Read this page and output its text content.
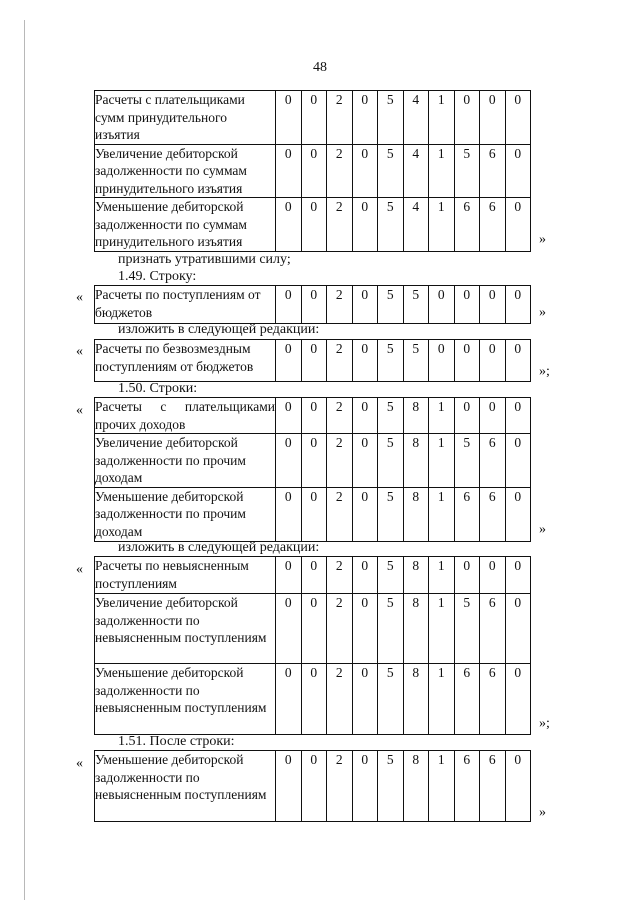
48
Расчеты с плательщиками сумм принудительного изъятия	0	0	2	0	5	4	1	0	0	0
Увеличение дебиторской задолженности по суммам принудительного изъятия	0	0	2	0	5	4	1	5	6	0
Уменьшение дебиторской задолженности по суммам принудительного изъятия	0	0	2	0	5	4	1	6	6	0
»
признать утратившими силу;
1.49. Строку:
« Расчеты по поступлениям от бюджетов	0	0	2	0	5	5	0	0	0	0
»
изложить в следующей редакции:
« Расчеты по безвозмездным поступлениям от бюджетов	0	0	2	0	5	5	0	0	0	0
»;
1.50. Строки:
« Расчеты с плательщиками прочих доходов	0	0	2	0	5	8	1	0	0	0
Увеличение дебиторской задолженности по прочим доходам	0	0	2	0	5	8	1	5	6	0
Уменьшение дебиторской задолженности по прочим доходам	0	0	2	0	5	8	1	6	6	0
»
изложить в следующей редакции:
« Расчеты по невыясненным поступлениям	0	0	2	0	5	8	1	0	0	0
Увеличение дебиторской задолженности по невыясненным поступлениям	0	0	2	0	5	8	1	5	6	0
Уменьшение дебиторской задолженности по невыясненным поступлениям	0	0	2	0	5	8	1	6	6	0
»;
1.51. После строки:
« Уменьшение дебиторской задолженности по невыясненным поступлениям	0	0	2	0	5	8	1	6	6	0
»
